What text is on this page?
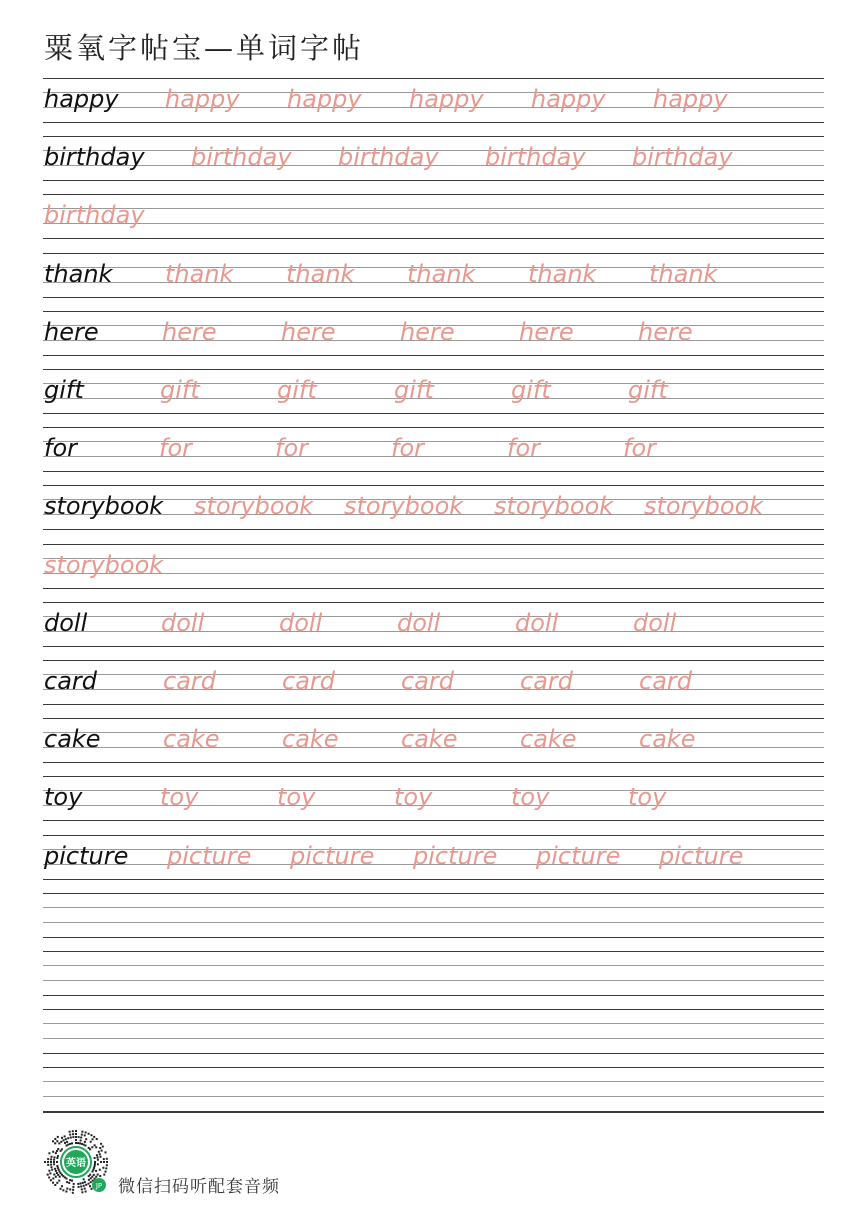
粟氧字帖宝—单词字帖
happy happy happy happy happy happy
birthday birthday birthday birthday birthday
birthday
thank thank thank thank thank thank
here	here	here	here	here	here
gift	gift	gift	gift	gift	gift
for	for	for	for	for	for
storybook storybook storybook storybook storybook
storybook
doll	doll	doll	doll	doll	doll
card	card	card	card	card	card
cake	cake	cake	cake	cake	cake
toy	toy	toy	toy	toy	toy
picture picture picture picture picture picture
英语
JP 微信扫码听配套音频
